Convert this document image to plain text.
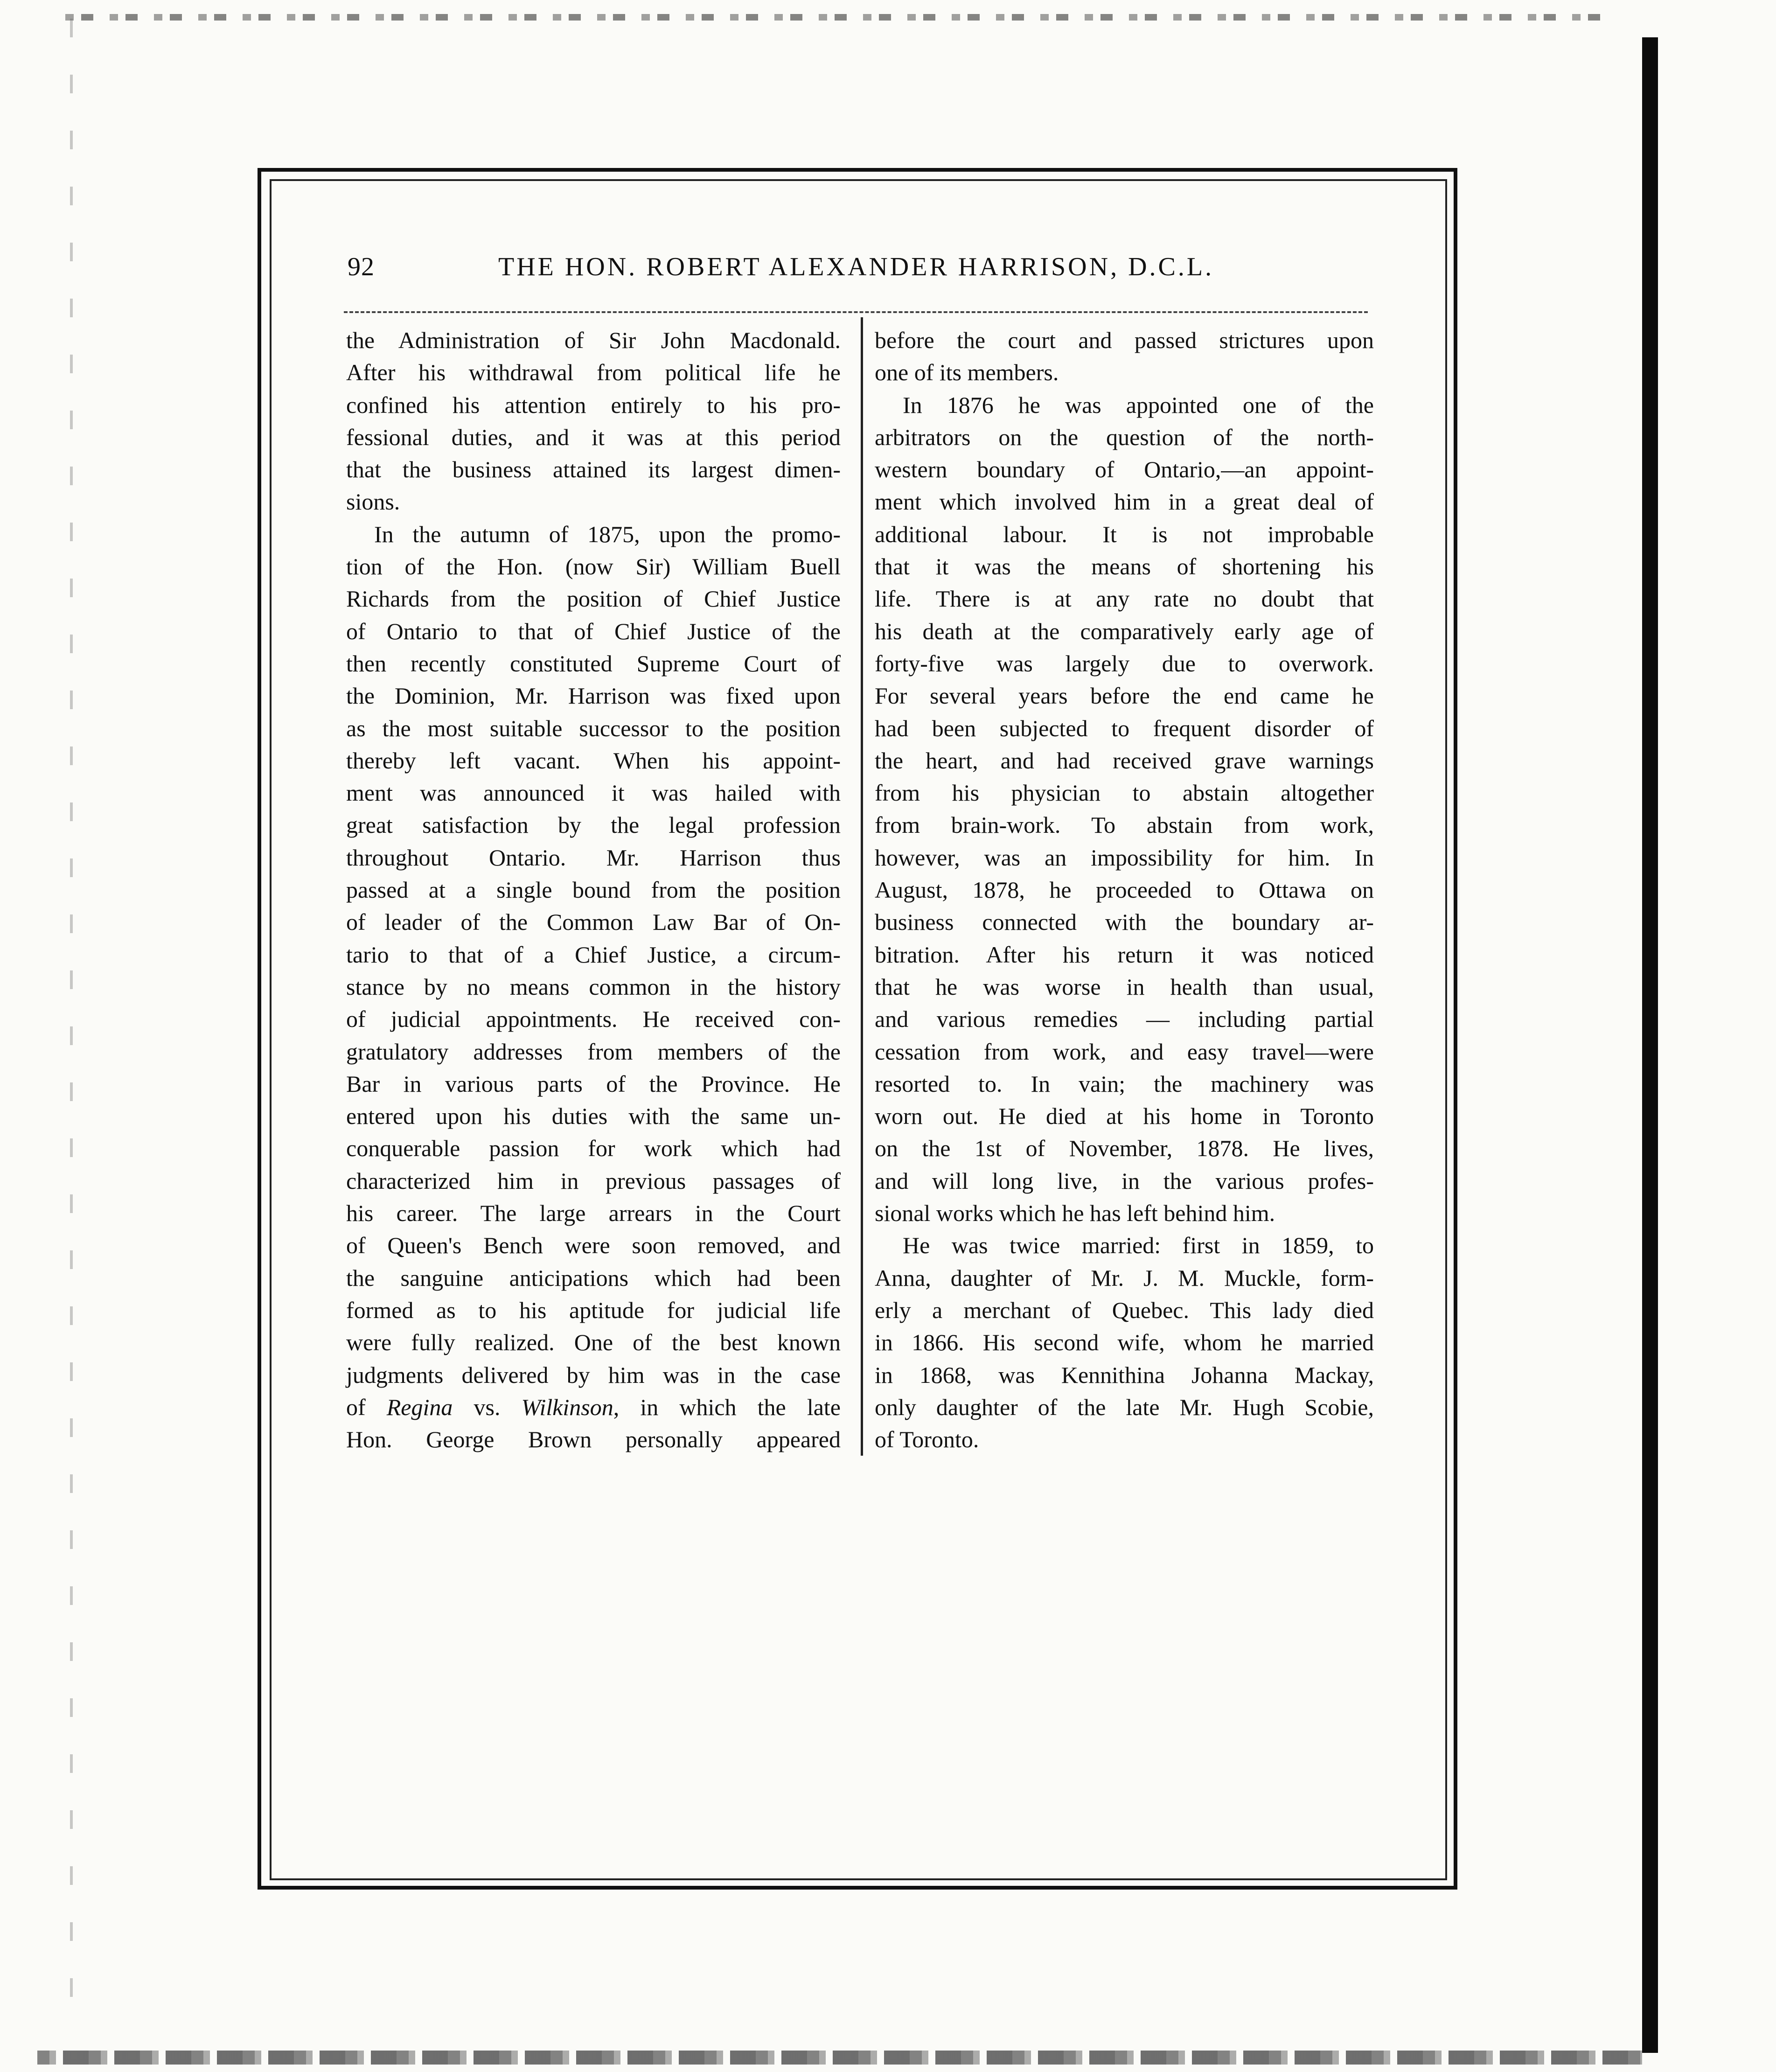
92	THE HON. ROBERT ALEXANDER HARRISON, D.C.L.
the Administration of Sir John Macdonald.
After his withdrawal from political life he
confined his attention entirely to his pro-
fessional duties, and it was at this period
that the business attained its largest dimen-
sions.
In the autumn of 1875, upon the promo-
tion of the Hon. (now Sir) William Buell
Richards from the position of Chief Justice
of Ontario to that of Chief Justice of the
then recently constituted Supreme Court of
the Dominion, Mr. Harrison was fixed upon
as the most suitable successor to the position
thereby left vacant. When his appoint-
ment was announced it was hailed with
great satisfaction by the legal profession
throughout Ontario. Mr. Harrison thus
passed at a single bound from the position
of leader of the Common Law Bar of On-
tario to that of a Chief Justice, a circum-
stance by no means common in the history
of judicial appointments. He received con-
gratulatory addresses from members of the
Bar in various parts of the Province. He
entered upon his duties with the same un-
conquerable passion for work which had
characterized him in previous passages of
his career. The large arrears in the Court
of Queen's Bench were soon removed, and
the sanguine anticipations which had been
formed as to his aptitude for judicial life
were fully realized. One of the best known
judgments delivered by him was in the case
of Regina vs. Wilkinson, in which the late
Hon. George Brown personally appeared
before the court and passed strictures upon
one of its members.
In 1876 he was appointed one of the
arbitrators on the question of the north-
western boundary of Ontario,—an appoint-
ment which involved him in a great deal of
additional labour. It is not improbable
that it was the means of shortening his
life. There is at any rate no doubt that
his death at the comparatively early age of
forty-five was largely due to overwork.
For several years before the end came he
had been subjected to frequent disorder of
the heart, and had received grave warnings
from his physician to abstain altogether
from brain-work. To abstain from work,
however, was an impossibility for him. In
August, 1878, he proceeded to Ottawa on
business connected with the boundary ar-
bitration. After his return it was noticed
that he was worse in health than usual,
and various remedies — including partial
cessation from work, and easy travel—were
resorted to. In vain; the machinery was
worn out. He died at his home in Toronto
on the 1st of November, 1878. He lives,
and will long live, in the various profes-
sional works which he has left behind him.
He was twice married: first in 1859, to
Anna, daughter of Mr. J. M. Muckle, form-
erly a merchant of Quebec. This lady died
in 1866. His second wife, whom he married
in 1868, was Kennithina Johanna Mackay,
only daughter of the late Mr. Hugh Scobie,
of Toronto.
